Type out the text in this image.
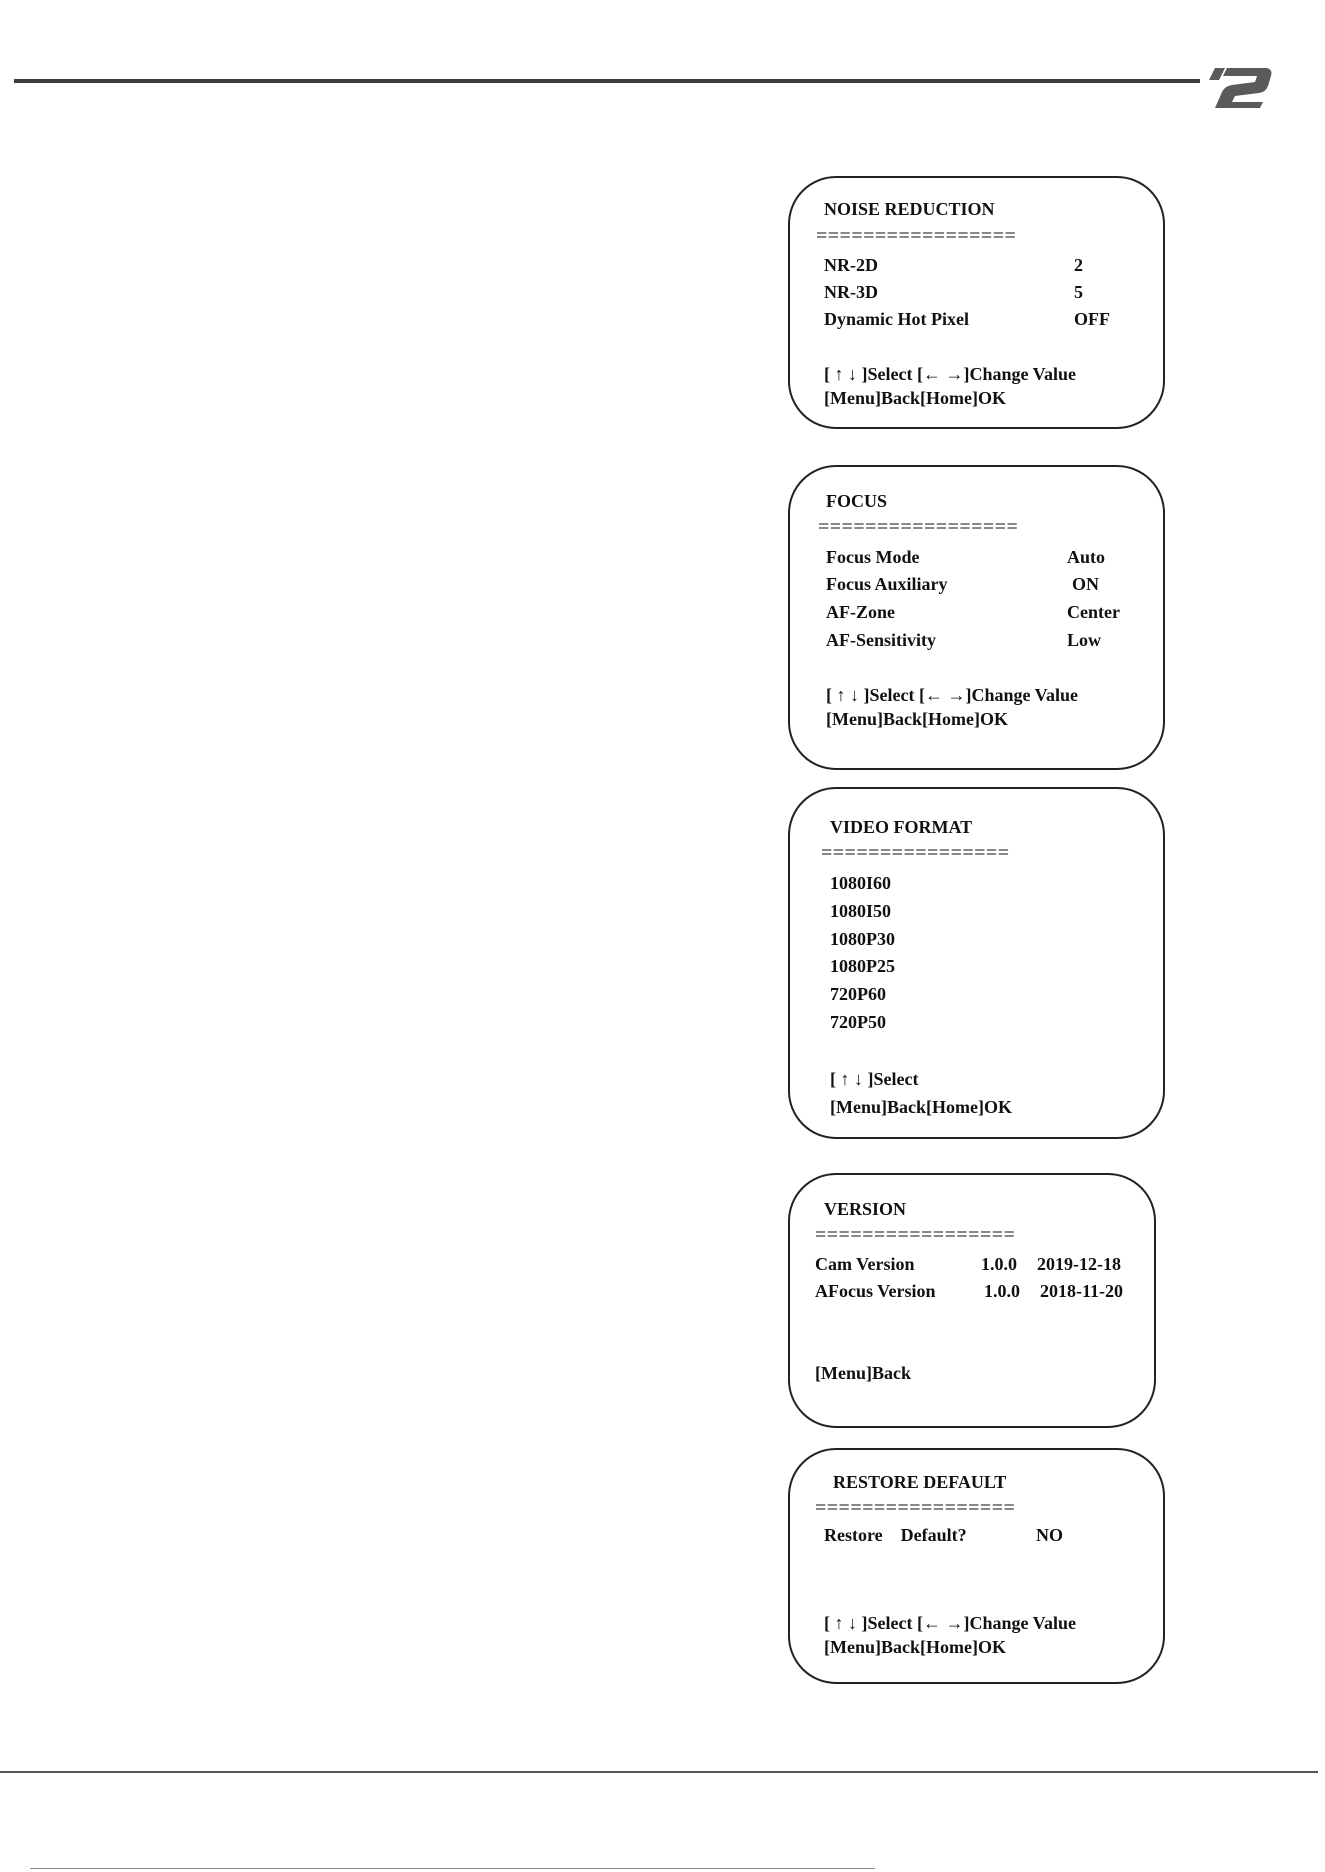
NOISE REDUCTION
=================
NR-2D	2
NR-3D	5
Dynamic Hot Pixel	OFF
[ ↑ ↓ ]Select [← →]Change Value
[Menu]Back[Home]OK
FOCUS
=================
Focus Mode	Auto
Focus Auxiliary	ON
AF-Zone	Center
AF-Sensitivity	Low
[ ↑ ↓ ]Select [← →]Change Value
[Menu]Back[Home]OK
VIDEO FORMAT
================
1080I60
1080I50
1080P30
1080P25
720P60
720P50
[ ↑ ↓ ]Select
[Menu]Back[Home]OK
VERSION
=================
Cam Version	1.0.0 2019-12-18
AFocus Version	1.0.0 2018-11-20
[Menu]Back
RESTORE DEFAULT
=================
Restore    Default?	NO
[ ↑ ↓ ]Select [← →]Change Value
[Menu]Back[Home]OK
